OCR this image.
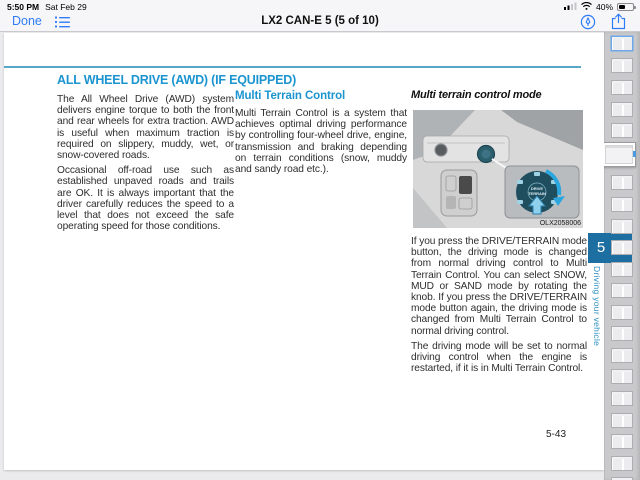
5:50 PM Sat Feb 29	40%
Done	LX2 CAN-E 5 (5 of 10)
ALL WHEEL DRIVE (AWD) (IF EQUIPPED)

The All Wheel Drive (AWD) system delivers engine torque to both the front and rear wheels for extra traction. AWD is useful when maximum traction is required on slippery, muddy, wet, or snow-covered roads.

Occasional off-road use such as established unpaved roads and trails are OK. It is always important that the driver carefully reduces the speed to a level that does not exceed the safe operating speed for those conditions.

Multi Terrain Control

Multi Terrain Control is a system that achieves optimal driving performance by controlling four-wheel drive, engine, transmission and braking depending on terrain conditions (snow, muddy and sandy road etc.).

Multi terrain control mode
DRIVE TERRAIN
OLX2058006

If you press the DRIVE/TERRAIN mode button, the driving mode is changed from normal driving control to Multi Terrain Control. You can select SNOW, MUD or SAND mode by rotating the knob. If you press the DRIVE/TERRAIN mode button again, the driving mode is changed from Multi Terrain Control to normal driving control.

The driving mode will be set to normal driving control when the engine is restarted, if it is in Multi Terrain Control.

5-43
5
Driving your vehicle
